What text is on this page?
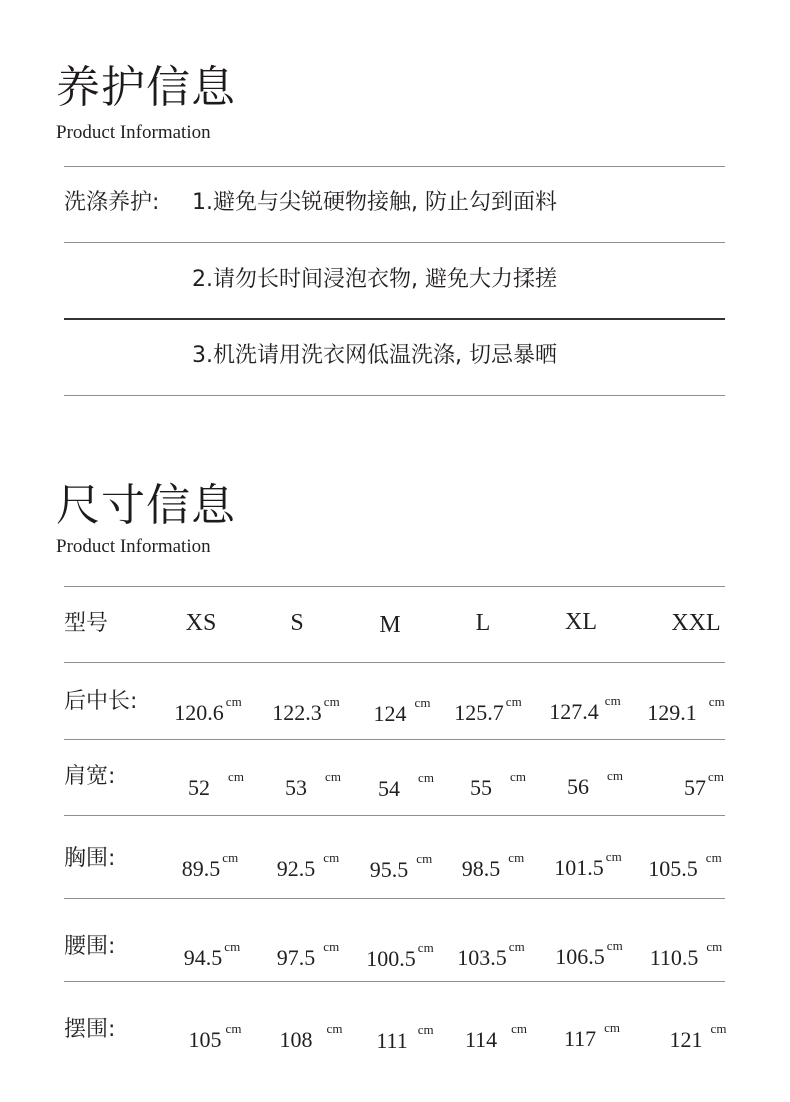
养护信息
Product Information
洗涤养护: 1.避免与尖锐硬物接触, 防止勾到面料
2.请勿长时间浸泡衣物, 避免大力揉搓
3.机洗请用洗衣网低温洗涤, 切忌暴晒
尺寸信息
Product Information
型号	XS	S	M	L	XL	XXL
后中长:	120.6 $^{cm}$	122.3 $^{cm}$	124 $^{cm}$	125.7 $^{cm}$	127.4 $^{cm}$	129.1 $^{cm}$
肩宽:	52 $^{cm}$	53 $^{cm}$	54 $^{cm}$	55 $^{cm}$	56 $^{cm}$	57 $^{cm}$
胸围:	89.5 $^{cm}$	92.5 $^{cm}$	95.5 $^{cm}$	98.5 $^{cm}$	101.5 $^{cm}$	105.5 $^{cm}$
腰围:	94.5 $^{cm}$	97.5 $^{cm}$	100.5 $^{cm}$	103.5 $^{cm}$	106.5 $^{cm}$	110.5 $^{cm}$
摆围:	105 $^{cm}$	108 $^{cm}$	111 $^{cm}$	114 $^{cm}$	117 $^{cm}$	121 $^{cm}$
